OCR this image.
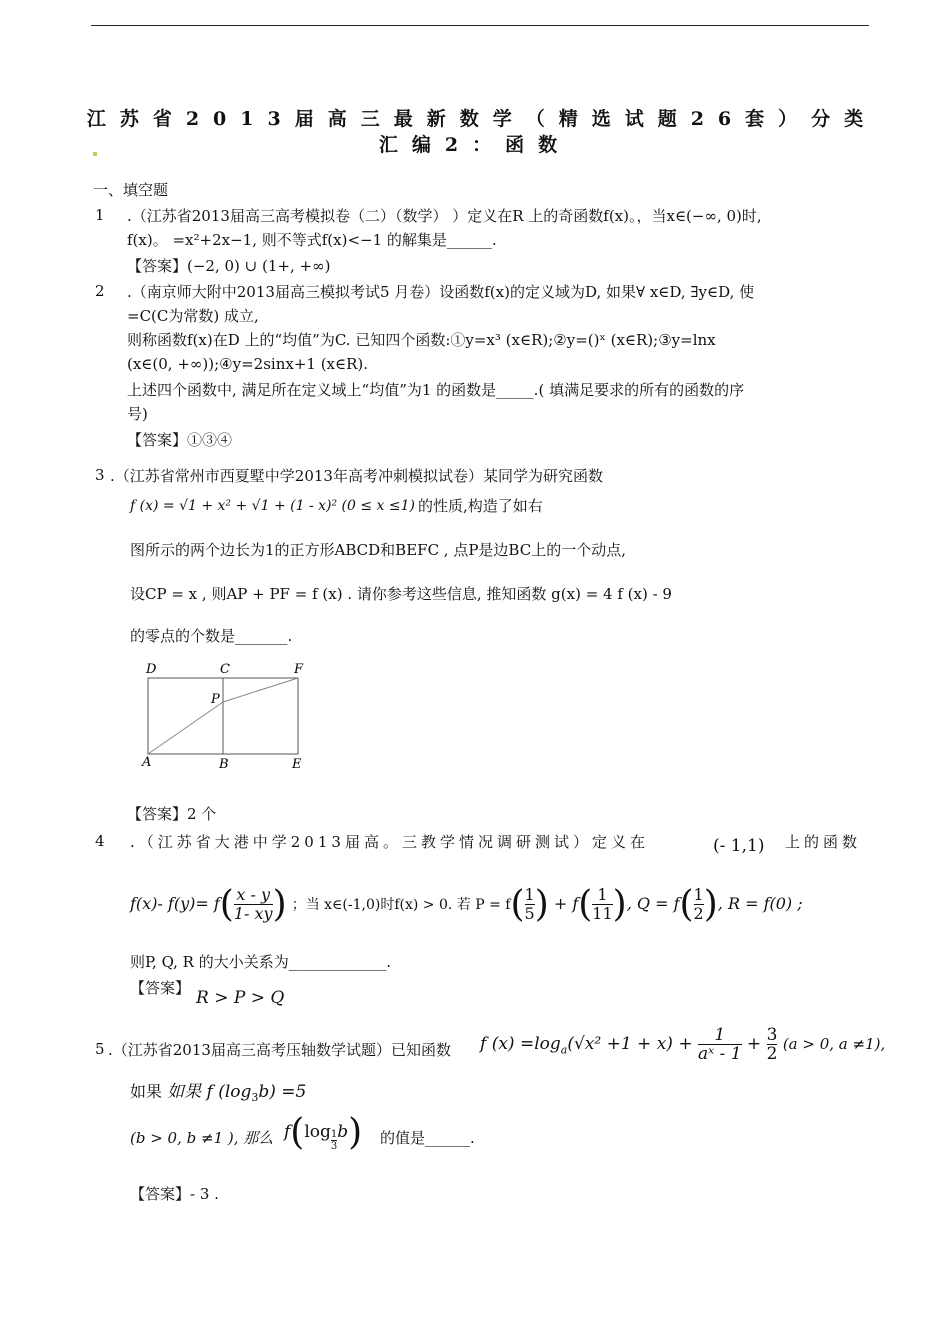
江苏省2013届高三最新数学（精选试题26套）分类
汇编2：函数
一、填空题
1 .（江苏省2013届高三高考模拟卷（二）（数学） ）定义在R 上的奇函数f(x)。，当x∈(−∞, 0)时,
f(x)。 =x²+2x−1, 则不等式f(x)<−1 的解集是______.
【答案】(−2, 0) ∪ (1+, +∞)
2 .（南京师大附中2013届高三模拟考试5 月卷）设函数f(x)的定义域为D, 如果∀ x∈D, ∃y∈D, 使
=C(C为常数) 成立,
则称函数f(x)在D 上的“均值”为C. 已知四个函数:①y=x³ (x∈R);②y=()ˣ (x∈R);③y=lnx
(x∈(0, +∞));④y=2sinx+1 (x∈R).
上述四个函数中, 满足所在定义域上“均值”为1 的函数是_____.( 填满足要求的所有的函数的序
号)
【答案】①③④
3 .（江苏省常州市西夏墅中学2013年高考冲刺模拟试卷）某同学为研究函数
f (x) = √1 + x² + √1 + (1 - x)² (0 ≤ x ≤1) 的性质,构造了如右
图所示的两个边长为1的正方形ABCD和BEFC , 点P是边BC上的一个动点,
设CP = x , 则AP + PF = f (x) . 请你参考这些信息, 推知函数 g(x) = 4 f (x) - 9
的零点的个数是_______.
D	C	F
P
A	B	E
【答案】2 个
4 .（江苏省大港中学2013届高。三教学情况调研测试）定义在	(- 1,1) 上的函数
f(x)- $f(y)= f( \frac{x - y}{1- xy}$ ) ；当 x∈(-1,0)时f(x) > 0. 若 $P = f( \frac{1}{5}$ ) + $f( \frac{1}{11}$ ), $Q = f( \frac{1}{2}$ ), R = f(0) ;
则P, Q, R 的大小关系为_____________.
【答案】 R > P > Q
5 .（江苏省2013届高三高考压轴数学试题）已知函数 f $(x) =\log_a(√x^2 +1 + x) + \frac{1}{\text{aˣ - 1}} + \frac{3}{2} (a > 0$, a ≠1),
如果 如果 f $(\log_3b) =5$
(b > 0, b ≠1 ), 那么 $f(\log \frac{1}{3} b)$ 的值是______.
【答案】- 3 .
